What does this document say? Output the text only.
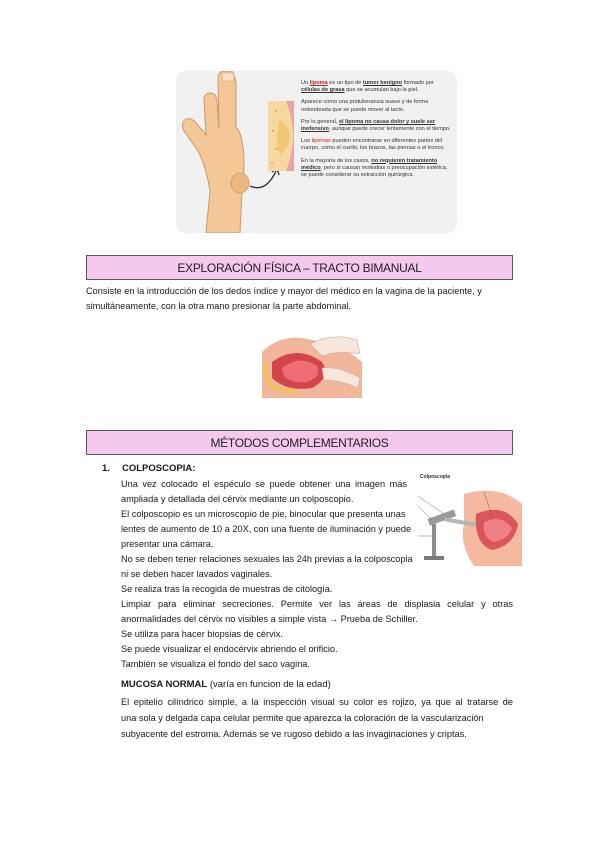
Un lipoma es un tipo de tumor benigno formado por células de grasa que se acumulan bajo la piel.

Aparece como una protuberancia suave y de forma redondeada que se puede mover al tacto.

Por lo general, el lipoma no causa dolor y suele ser inofensivo, aunque puede crecer lentamente con el tiempo.

Los lipomas pueden encontrarse en diferentes partes del cuerpo, como el cuello, los brazos, las piernas o el tronco.

En la mayoría de los casos, no requieren tratamiento médico, pero si causan molestias o preocupación estética, se puede considerar su extracción quirúrgica.

EXPLORACIÓN FÍSICA – TRACTO BIMANUAL
Consiste en la introducción de los dedos índice y mayor del médico en la vagina de la paciente, y
simultáneamente, con la otra mano presionar la parte abdominal.
MÉTODOS COMPLEMENTARIOS
1. COLPOSCOPIA:
Una vez colocado el espéculo se puede obtener una imagen más
ampliada y detallada del cérvix mediante un colposcopio.
El colposcopio es un microscopio de pie, binocular que presenta unas
lentes de aumento de 10 a 20X, con una fuente de iluminación y puede
presentar una cámara.
No se deben tener relaciones sexuales las 24h previas a la colposcopia
ni se deben hacer lavados vaginales.
Se realiza tras la recogida de muestras de citología.
Limpiar para eliminar secreciones. Permite ver las áreas de displasia celular y otras
anormalidades del cérvix no visibles a simple vista → Prueba de Schiller.
Se utiliza para hacer biopsias de cérvix.
Se puede visualizar el endocérvix abriendo el orificio.
También se visualiza el fondo del saco vagina.
Colposcopia
MUCOSA NORMAL (varía en funcion de la edad)
El epitelio cilíndrico simple, a la inspección visual su color es rojizo, ya que al tratarse de
una sola y delgada capa celular permite que aparezca la coloración de la vascularización
subyacente del estroma. Además se ve rugoso debido a las invaginaciones y criptas.
